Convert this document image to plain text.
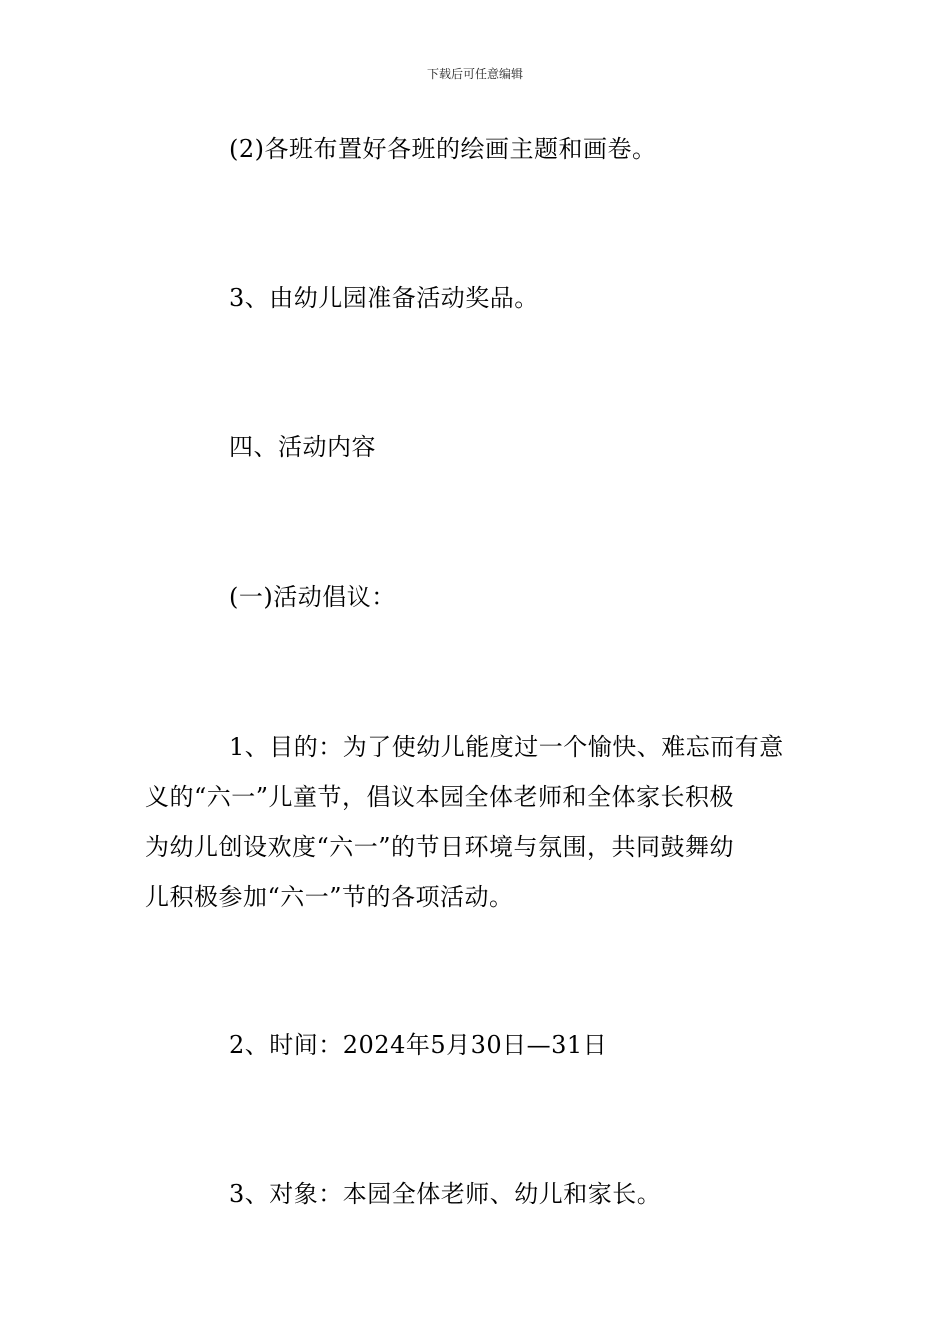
下载后可任意编辑

(2)各班布置好各班的绘画主题和画卷。

3、由幼儿园准备活动奖品。

四、活动内容

(一)活动倡议：

1、目的：为了使幼儿能度过一个愉快、难忘而有意
义的“六一”儿童节，倡议本园全体老师和全体家长积极
为幼儿创设欢度“六一”的节日环境与氛围，共同鼓舞幼
儿积极参加“六一”节的各项活动。

2、时间：2024年5月30日—31日

3、对象：本园全体老师、幼儿和家长。
